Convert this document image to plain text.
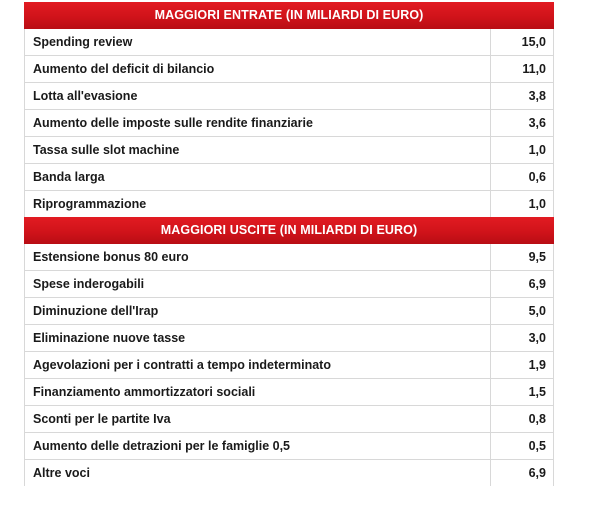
MAGGIORI ENTRATE (IN MILIARDI DI EURO)
Spending review	15,0
Aumento del deficit di bilancio	11,0
Lotta all'evasione	3,8
Aumento delle imposte sulle rendite finanziarie	3,6
Tassa sulle slot machine	1,0
Banda larga	0,6
Riprogrammazione	1,0
MAGGIORI USCITE (IN MILIARDI DI EURO)
Estensione bonus 80 euro	9,5
Spese inderogabili	6,9
Diminuzione dell'Irap	5,0
Eliminazione nuove tasse	3,0
Agevolazioni per i contratti a tempo indeterminato	1,9
Finanziamento ammortizzatori sociali	1,5
Sconti per le partite Iva	0,8
Aumento delle detrazioni per le famiglie 0,5	0,5
Altre voci	6,9
